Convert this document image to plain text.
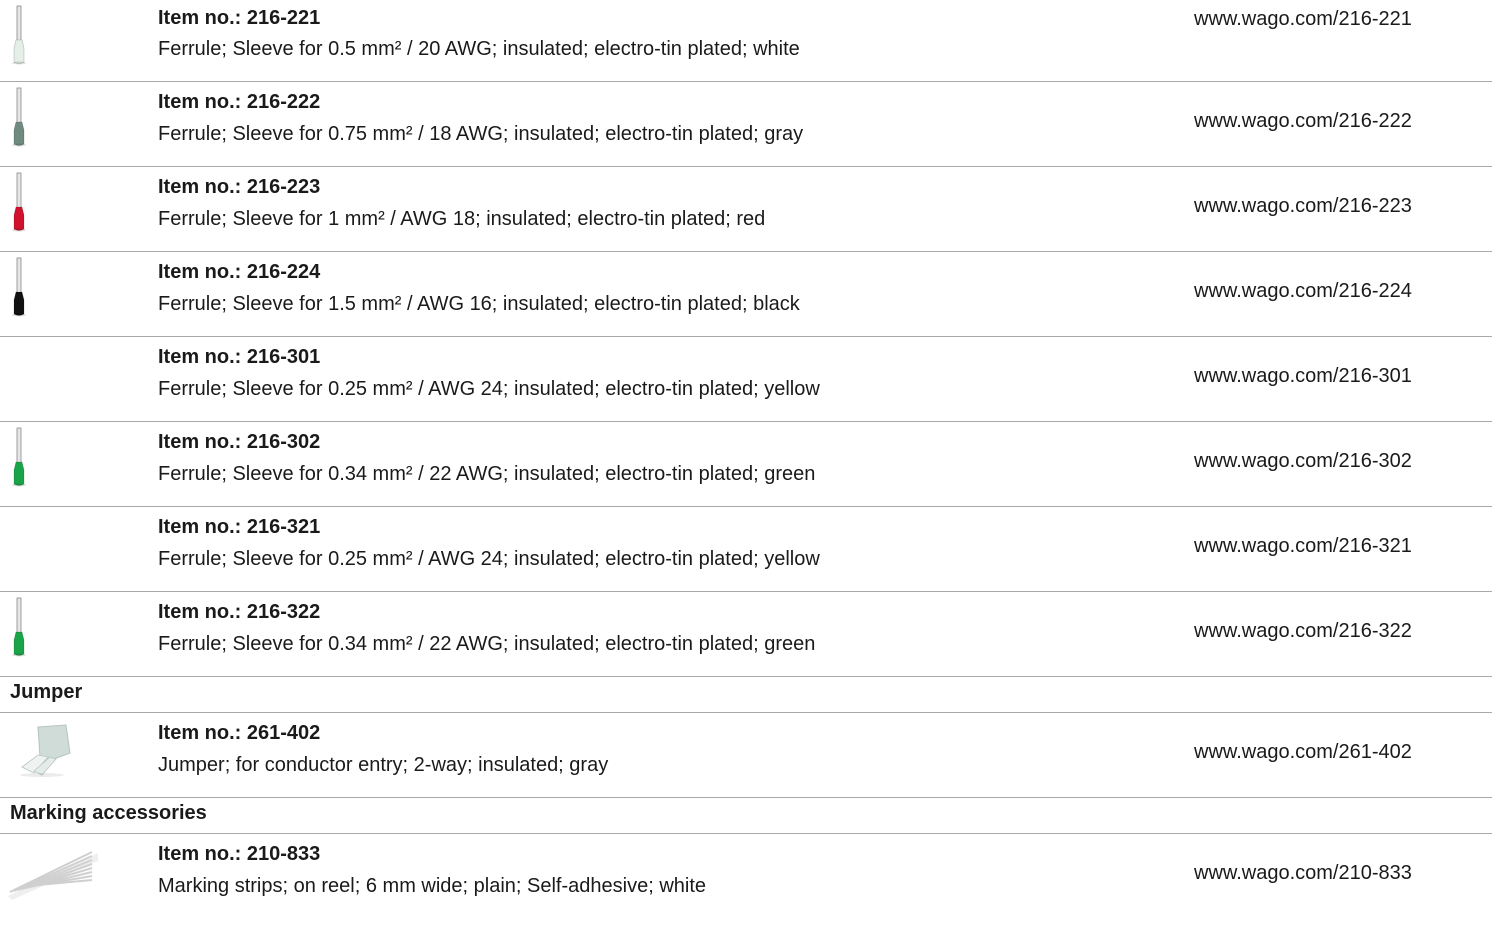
Item no.: 216-221
Ferrule; Sleeve for 0.5 mm² / 20 AWG; insulated; electro-tin plated; white
www.wago.com/216-221
Item no.: 216-222
Ferrule; Sleeve for 0.75 mm² / 18 AWG; insulated; electro-tin plated; gray
www.wago.com/216-222
Item no.: 216-223
Ferrule; Sleeve for 1 mm² / AWG 18; insulated; electro-tin plated; red
www.wago.com/216-223
Item no.: 216-224
Ferrule; Sleeve for 1.5 mm² / AWG 16; insulated; electro-tin plated; black
www.wago.com/216-224
Item no.: 216-301
Ferrule; Sleeve for 0.25 mm² / AWG 24; insulated; electro-tin plated; yellow
www.wago.com/216-301
Item no.: 216-302
Ferrule; Sleeve for 0.34 mm² / 22 AWG; insulated; electro-tin plated; green
www.wago.com/216-302
Item no.: 216-321
Ferrule; Sleeve for 0.25 mm² / AWG 24; insulated; electro-tin plated; yellow
www.wago.com/216-321
Item no.: 216-322
Ferrule; Sleeve for 0.34 mm² / 22 AWG; insulated; electro-tin plated; green
www.wago.com/216-322
Jumper
Item no.: 261-402
Jumper; for conductor entry; 2-way; insulated; gray
www.wago.com/261-402
Marking accessories
Item no.: 210-833
Marking strips; on reel; 6 mm wide; plain; Self-adhesive; white
www.wago.com/210-833
